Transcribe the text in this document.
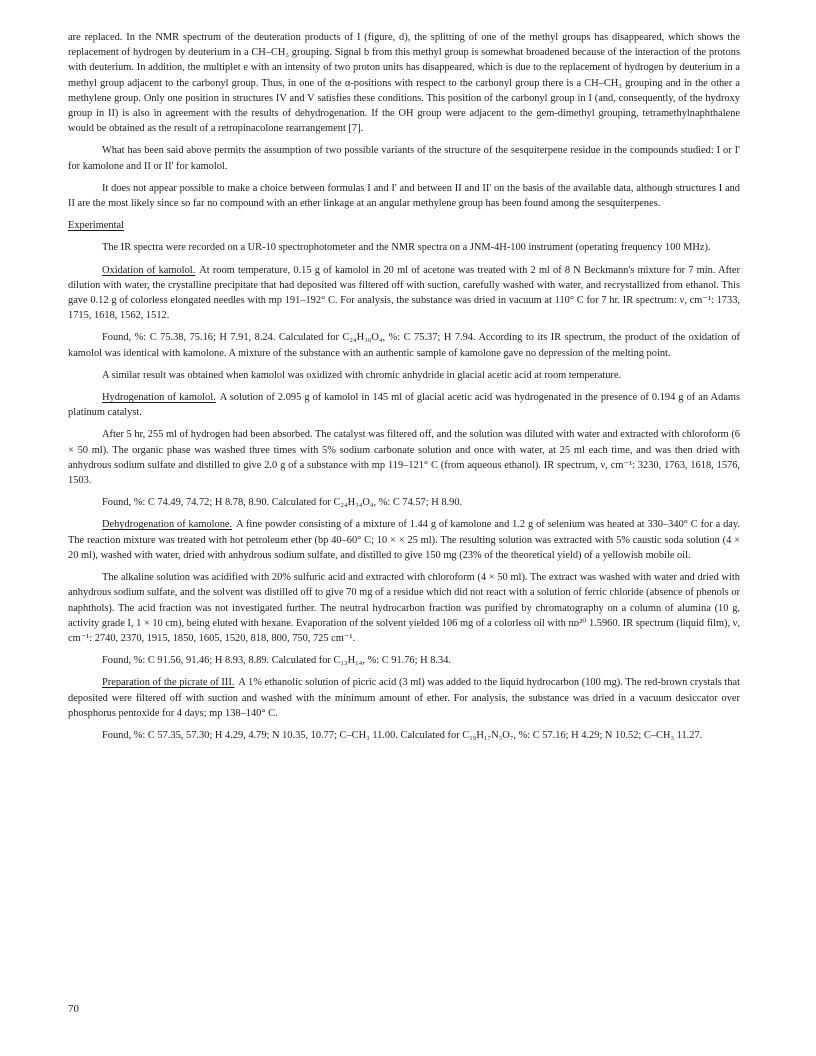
are replaced. In the NMR spectrum of the deuteration products of I (figure, d), the splitting of one of the methyl groups has disappeared, which shows the replacement of hydrogen by deuterium in a CH–CH₃ grouping. Signal b from this methyl group is somewhat broadened because of the interaction of the protons with deuterium. In addition, the multiplet e with an intensity of two proton units has disappeared, which is due to the replacement of hydrogen by deuterium in a methyl group adjacent to the carbonyl group. Thus, in one of the α-positions with respect to the carbonyl group there is a CH–CH₃ grouping and in the other a methylene group. Only one position in structures IV and V satisfies these conditions. This position of the carbonyl group in I (and, consequently, of the hydroxy group in II) is also in agreement with the results of dehydrogenation. If the OH group were adjacent to the gem-dimethyl grouping, tetramethylnaphthalene would be obtained as the result of a retropinacolone rearrangement [7].

What has been said above permits the assumption of two possible variants of the structure of the sesquiterpene residue in the compounds studied: I or I' for kamolone and II or II' for kamolol.

It does not appear possible to make a choice between formulas I and I' and between II and II' on the basis of the available data, although structures I and II are the most likely since so far no compound with an ether linkage at an angular methylene group has been found among the sesquiterpenes.

Experimental

The IR spectra were recorded on a UR-10 spectrophotometer and the NMR spectra on a JNM-4H-100 instrument (operating frequency 100 MHz).

Oxidation of kamolol. At room temperature, 0.15 g of kamolol in 20 ml of acetone was treated with 2 ml of 8 N Beckmann's mixture for 7 min. After dilution with water, the crystalline precipitate that had deposited was filtered off with suction, carefully washed with water, and recrystallized from ethanol. This gave 0.12 g of colorless elongated needles with mp 191–192° C. For analysis, the substance was dried in vacuum at 110° C for 7 hr. IR spectrum: ν, cm⁻¹: 1733, 1715, 1618, 1562, 1512.

Found, %: C 75.38, 75.16; H 7.91, 8.24. Calculated for C₂₄H₃₀O₄, %: C 75.37; H 7.94. According to its IR spectrum, the product of the oxidation of kamolol was identical with kamolone. A mixture of the substance with an authentic sample of kamolone gave no depression of the melting point.

A similar result was obtained when kamolol was oxidized with chromic anhydride in glacial acetic acid at room temperature.

Hydrogenation of kamolol. A solution of 2.095 g of kamolol in 145 ml of glacial acetic acid was hydrogenated in the presence of 0.194 g of an Adams platinum catalyst.

After 5 hr, 255 ml of hydrogen had been absorbed. The catalyst was filtered off, and the solution was diluted with water and extracted with chloroform (6 × 50 ml). The organic phase was washed three times with 5% sodium carbonate solution and once with water, at 25 ml each time, and was then dried with anhydrous sodium sulfate and distilled to give 2.0 g of a substance with mp 119–121° C (from aqueous ethanol). IR spectrum, ν, cm⁻¹: 3230, 1763, 1618, 1576, 1503.

Found, %: C 74.49, 74.72; H 8.78, 8.90. Calculated for C₂₄H₃₄O₄, %: C 74.57; H 8.90.

Dehydrogenation of kamolone. A fine powder consisting of a mixture of 1.44 g of kamolone and 1.2 g of selenium was heated at 330–340° C for a day. The reaction mixture was treated with hot petroleum ether (bp 40–60° C; 10 × × 25 ml). The resulting solution was extracted with 5% caustic soda solution (4 × 20 ml), washed with water, dried with anhydrous sodium sulfate, and distilled to give 150 mg (23% of the theoretical yield) of a yellowish mobile oil.

The alkaline solution was acidified with 20% sulfuric acid and extracted with chloroform (4 × 50 ml). The extract was washed with water and dried with anhydrous sodium sulfate, and the solvent was distilled off to give 70 mg of a residue which did not react with a solution of ferric chloride (absence of phenols or naphthols). The acid fraction was not investigated further. The neutral hydrocarbon fraction was purified by chromatography on a column of alumina (10 g, activity grade I, 1 × 10 cm), being eluted with hexane. Evaporation of the solvent yielded 106 mg of a colorless oil with nᴅ²⁰ 1.5960. IR spectrum (liquid film), ν, cm⁻¹: 2740, 2370, 1915, 1850, 1605, 1520, 818, 800, 750, 725 cm⁻¹.

Found, %: C 91.56, 91.46; H 8.93, 8.89. Calculated for C₁₃H₁₄, %: C 91.76; H 8.34.

Preparation of the picrate of III. A 1% ethanolic solution of picric acid (3 ml) was added to the liquid hydrocarbon (100 mg). The red-brown crystals that deposited were filtered off with suction and washed with the minimum amount of ether. For analysis, the substance was dried in a vacuum desiccator over phosphorus pentoxide for 4 days; mp 138–140° C.

Found, %: C 57.35, 57.30; H 4.29, 4.79; N 10.35, 10.77; C–CH₃ 11.00. Calculated for C₁₉H₁₇N₃O₇, %: C 57.16; H 4.29; N 10.52; C–CH₃ 11.27.

70
